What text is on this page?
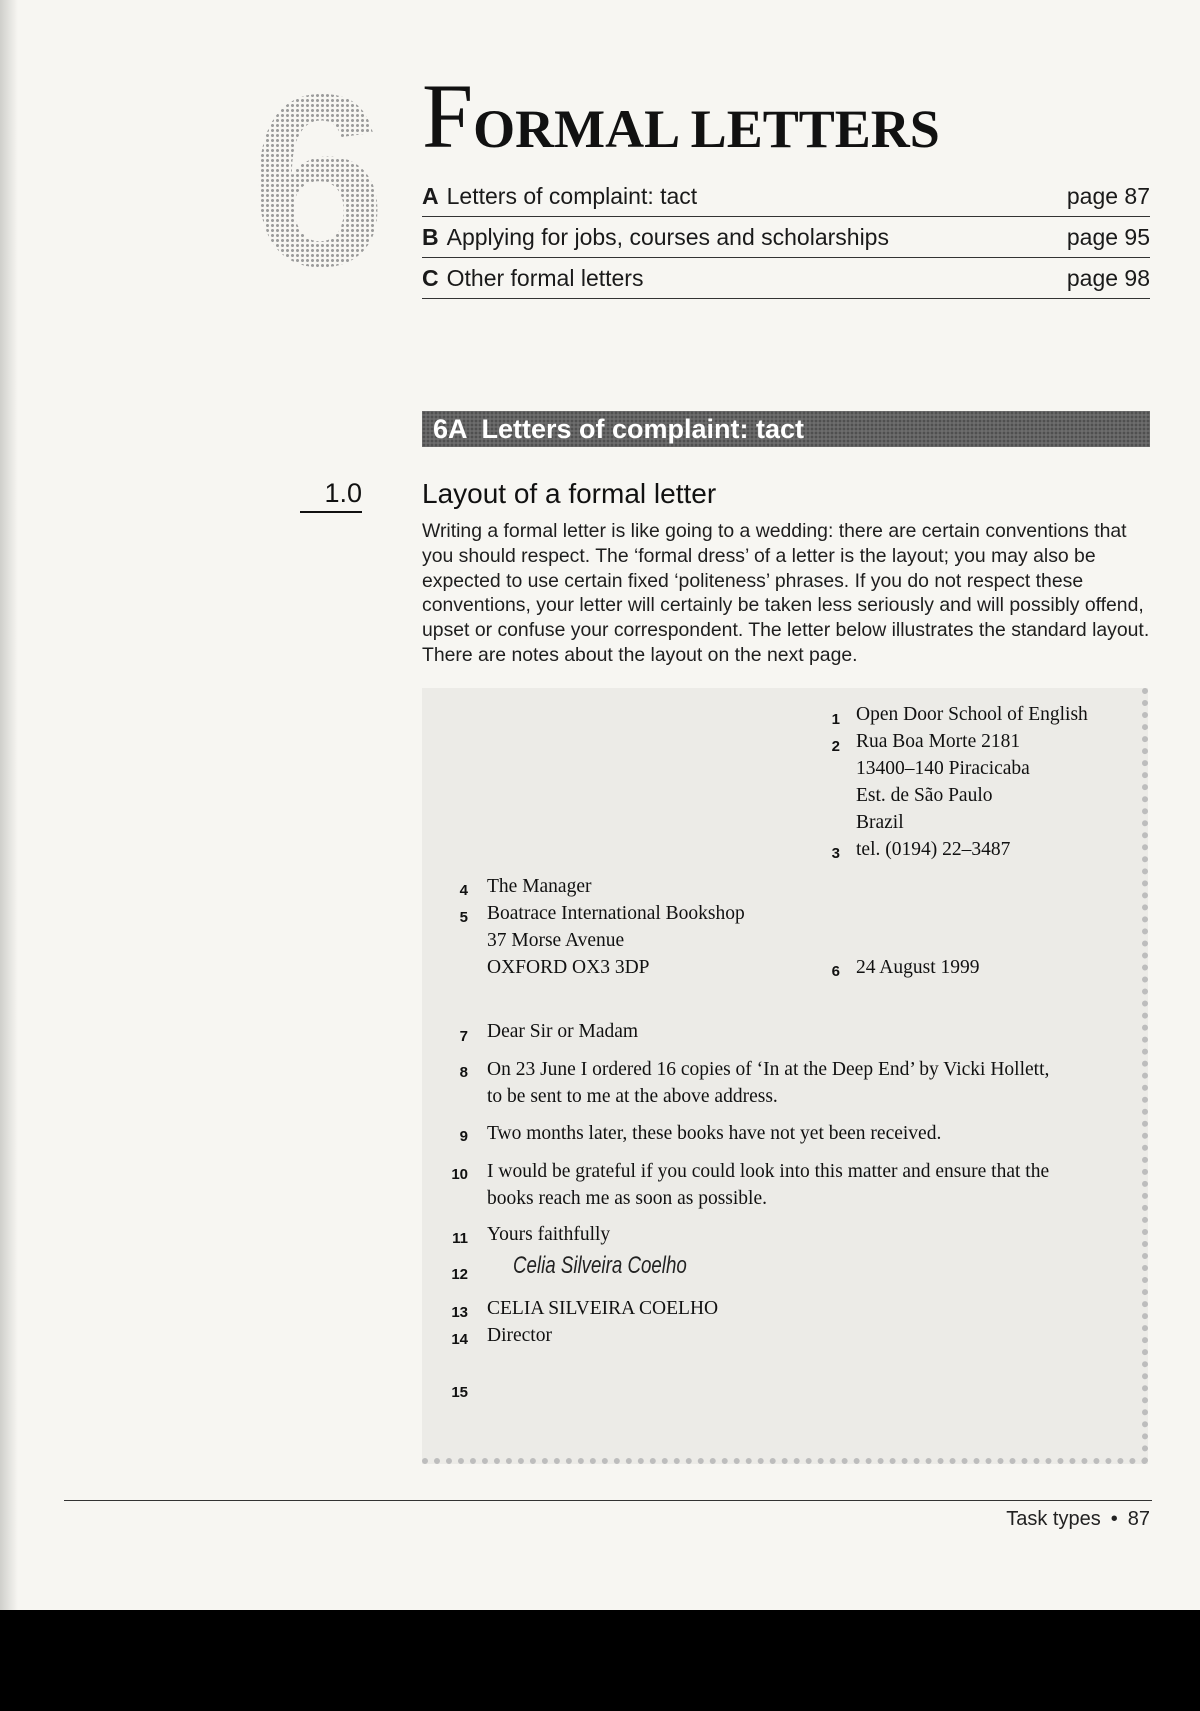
6 FORMAL LETTERS
A Letters of complaint: tact	page 87
B Applying for jobs, courses and scholarships	page 95
C Other formal letters	page 98
6A Letters of complaint: tact
1.0 Layout of a formal letter
Writing a formal letter is like going to a wedding: there are certain conventions that you should respect. The ‘formal dress’ of a letter is the layout; you may also be expected to use certain fixed ‘politeness’ phrases. If you do not respect these conventions, your letter will certainly be taken less seriously and will possibly offend, upset or confuse your correspondent. The letter below illustrates the standard layout. There are notes about the layout on the next page.
1 Open Door School of English
2 Rua Boa Morte 2181
13400–140 Piracicaba
Est. de São Paulo
Brazil
3 tel. (0194) 22–3487
4 The Manager
5 Boatrace International Bookshop
37 Morse Avenue
OXFORD OX3 3DP	6 24 August 1999
7 Dear Sir or Madam
8 On 23 June I ordered 16 copies of ‘In at the Deep End’ by Vicki Hollett,
to be sent to me at the above address.
9 Two months later, these books have not yet been received.
10 I would be grateful if you could look into this matter and ensure that the
books reach me as soon as possible.
11 Yours faithfully
12 Celia Silveira Coelho
13 CELIA SILVEIRA COELHO
14 Director
15
Task types • 87
